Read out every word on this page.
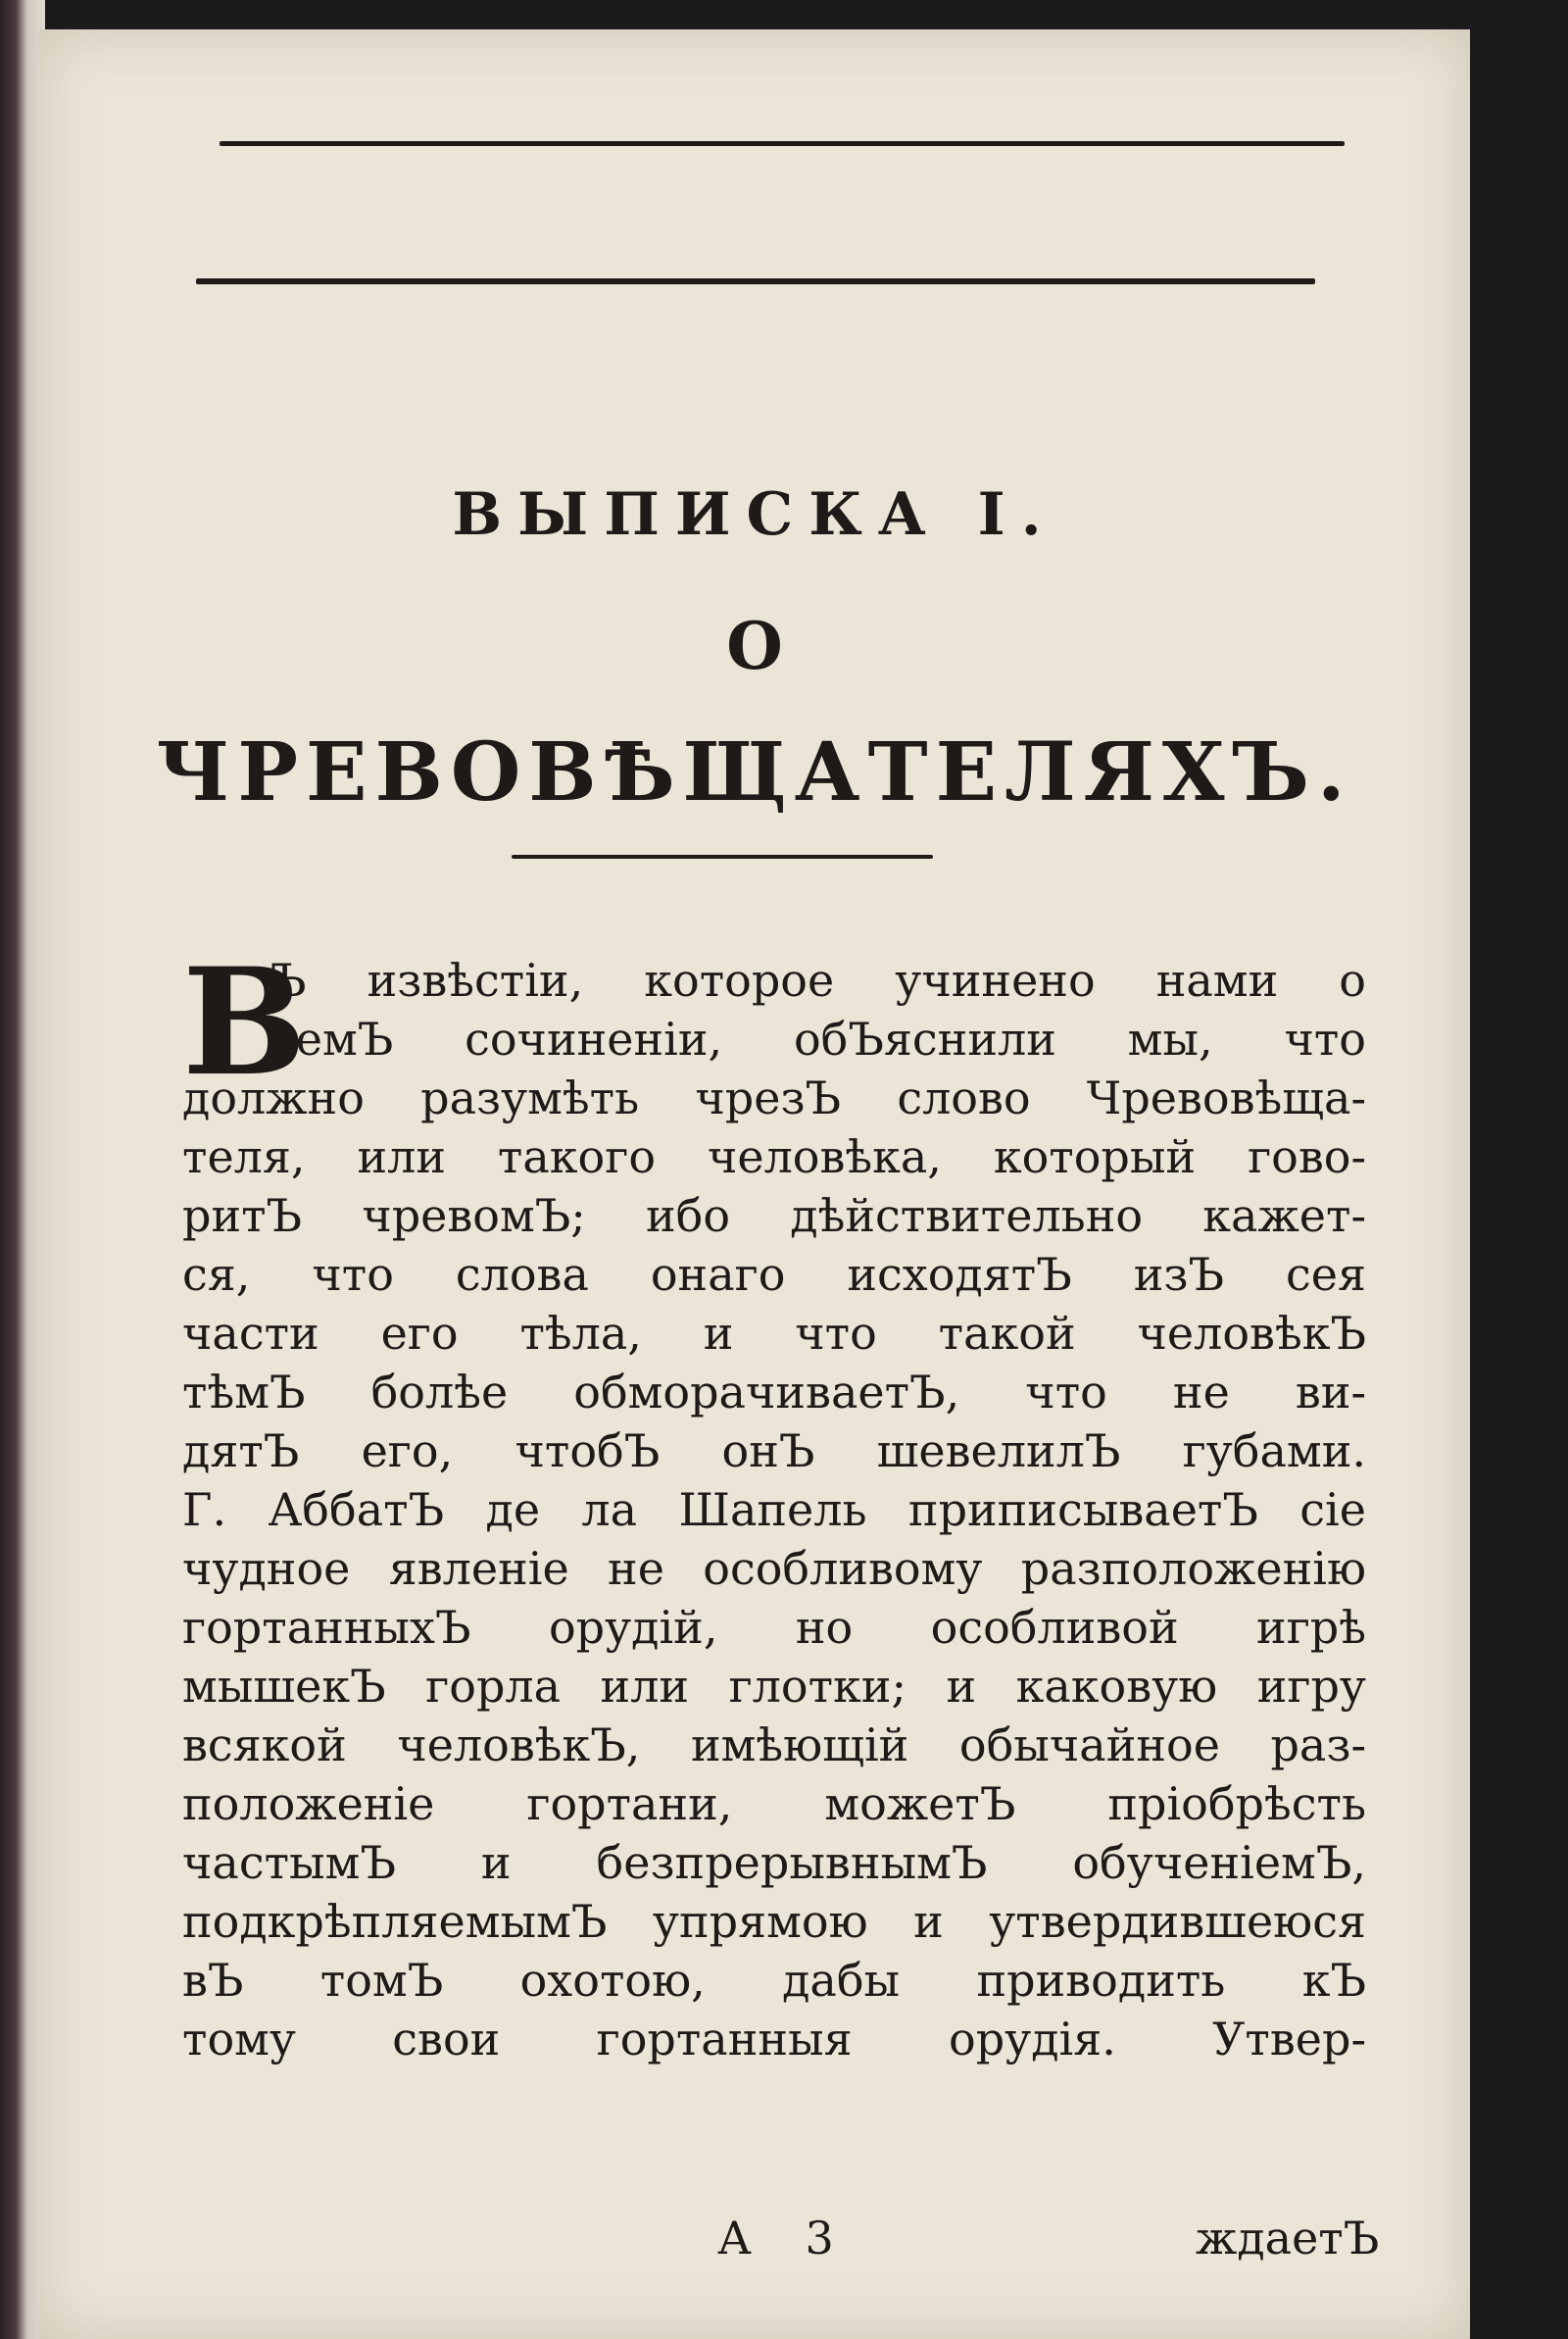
ВЫПИСКА I.
О
ЧРЕВОВѢЩАТЕЛЯХЪ.
В
Ъ извѣстіи, которое учинено нами о
семЪ сочиненіи, обЪяснили мы, что
должно разумѣть чрезЪ слово Чревовѣща-
теля, или такого человѣка, который гово-
ритЪ чревомЪ; ибо дѣйствительно кажет-
ся, что слова онаго исходятЪ изЪ сея
части его тѣла, и что такой человѣкЪ
тѣмЪ болѣе обморачиваетЪ, что не ви-
дятЪ его, чтобЪ онЪ шевелилЪ губами.
Г. АббатЪ де ла Шапель приписываетЪ сіе
чудное явленіе не особливому разположенію
гортанныхЪ орудій, но особливой игрѣ
мышекЪ горла или глотки; и каковую игру
всякой человѣкЪ, имѣющій обычайное раз-
положеніе гортани, можетЪ пріобрѣсть
частымЪ и безпрерывнымЪ обученіемЪ,
подкрѣпляемымЪ упрямою и утвердившеюся
вЪ томЪ охотою, дабы приводить кЪ
тому свои гортанныя орудія. Утвер-
А 3	ждаетЪ
